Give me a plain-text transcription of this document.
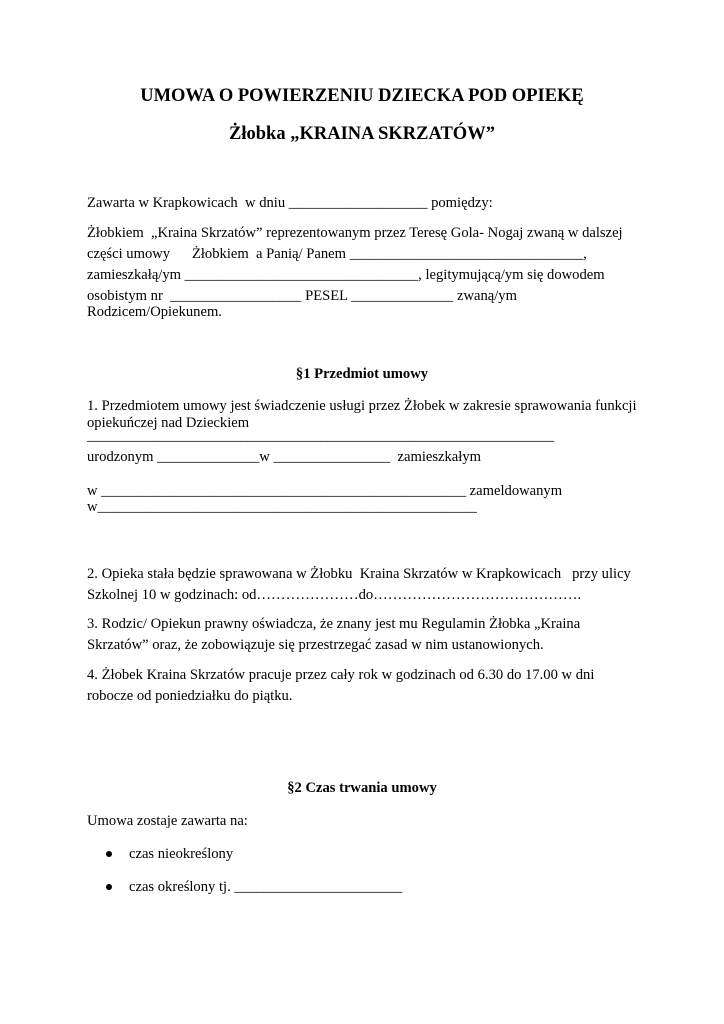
UMOWA O POWIERZENIU DZIECKA POD OPIEKĘ
Żłobka „KRAINA SKRZATÓW”
Zawarta w Krapkowicach  w dniu ___________________ pomiędzy:
Żłobkiem  „Kraina Skrzatów” reprezentowanym przez Teresę Gola- Nogaj zwaną w dalszej
części umowy      Żłobkiem  a Panią/ Panem ________________________________,
zamieszkałą/ym ________________________________, legitymującą/ym się dowodem
osobistym nr  __________________ PESEL ______________ zwaną/ym
Rodzicem/Opiekunem.
§1 Przedmiot umowy
1. Przedmiotem umowy jest świadczenie usługi przez Żłobek w zakresie sprawowania funkcji
opiekuńczej nad Dzieckiem
________________________________________________________________
urodzonym ______________w ________________  zamieszkałym
w __________________________________________________ zameldowanym
w____________________________________________________
2. Opieka stała będzie sprawowana w Żłobku  Kraina Skrzatów w Krapkowicach   przy ulicy
Szkolnej 10 w godzinach: od…………………do…………………………………….
3. Rodzic/ Opiekun prawny oświadcza, że znany jest mu Regulamin Żłobka „Kraina
Skrzatów” oraz, że zobowiązuje się przestrzegać zasad w nim ustanowionych.
4. Żłobek Kraina Skrzatów pracuje przez cały rok w godzinach od 6.30 do 17.00 w dni
robocze od poniedziałku do piątku.
§2 Czas trwania umowy
Umowa zostaje zawarta na:
czas nieokreślony
czas określony tj. _______________________
